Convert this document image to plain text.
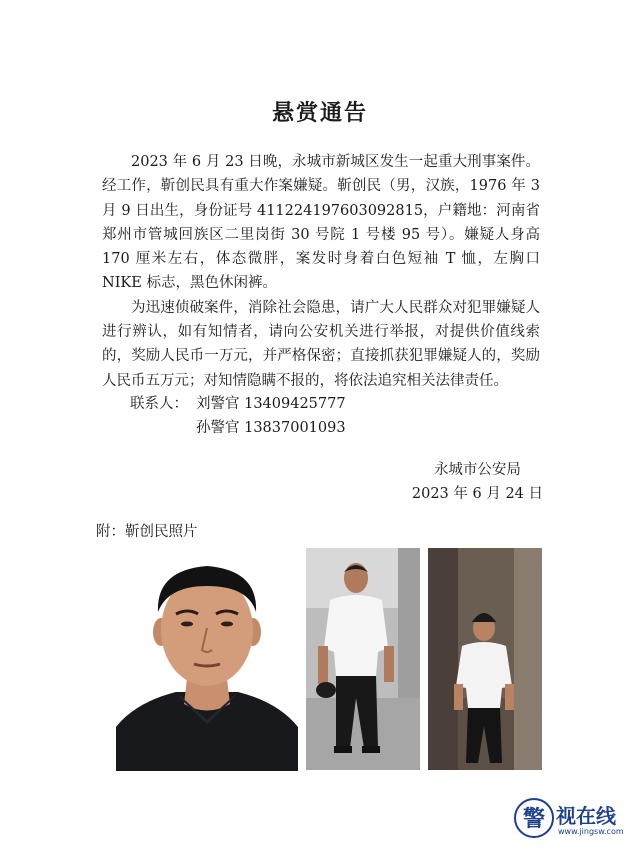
悬赏通告

2023 年 6 月 23 日晚，永城市新城区发生一起重大刑事案件。经工作，靳创民具有重大作案嫌疑。靳创民（男，汉族，1976 年 3 月 9 日出生，身份证号 411224197603092815，户籍地：河南省郑州市管城回族区二里岗街 30 号院 1 号楼 95 号）。嫌疑人身高 170 厘米左右，体态微胖，案发时身着白色短袖 T 恤，左胸口 NIKE 标志，黑色休闲裤。

为迅速侦破案件，消除社会隐患，请广大人民群众对犯罪嫌疑人进行辨认，如有知情者，请向公安机关进行举报，对提供价值线索的，奖励人民币一万元，并严格保密；直接抓获犯罪嫌疑人的，奖励人民币五万元；对知情隐瞒不报的，将依法追究相关法律责任。

联系人： 刘警官 13409425777
孙警官 13837001093
永城市公安局
2023 年 6 月 24 日
附：靳创民照片
警 视在线
www.jingsw.com
